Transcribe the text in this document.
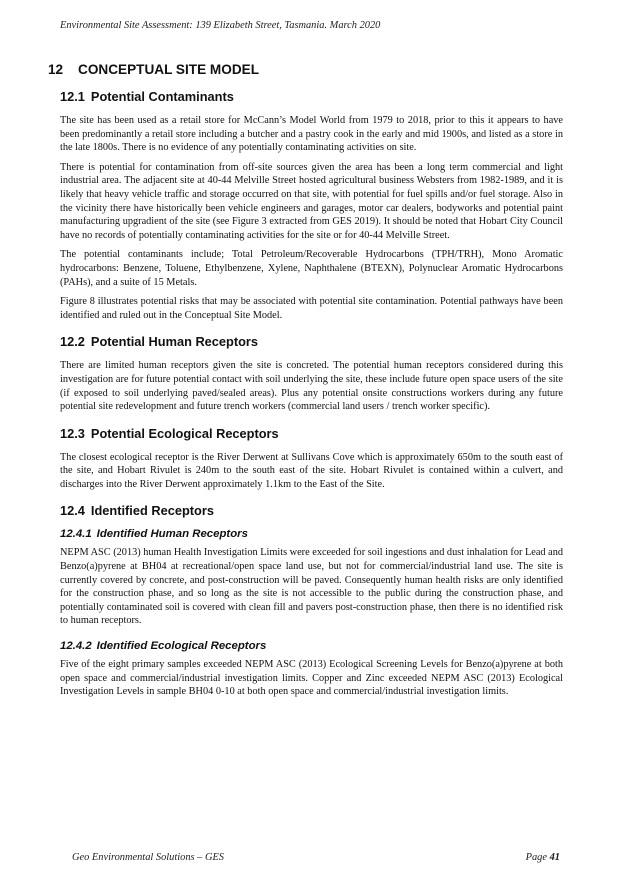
Environmental Site Assessment: 139 Elizabeth Street, Tasmania. March 2020
12 CONCEPTUAL SITE MODEL
12.1 Potential Contaminants

The site has been used as a retail store for McCann’s Model World from 1979 to 2018, prior to this it appears to have been predominantly a retail store including a butcher and a pastry cook in the early and mid 1900s, and listed as a store in the late 1800s. There is no evidence of any potentially contaminating activities on site.

There is potential for contamination from off-site sources given the area has been a long term commercial and light industrial area. The adjacent site at 40-44 Melville Street hosted agricultural business Websters from 1982-1989, and it is likely that heavy vehicle traffic and storage occurred on that site, with potential for fuel spills and/or fuel storage. Also in the vicinity there have historically been vehicle engineers and garages, motor car dealers, bodyworks and potential paint manufacturing upgradient of the site (see Figure 3 extracted from GES 2019). It should be noted that Hobart City Council have no records of potentially contaminating activities for the site or for 40-44 Melville Street.

The potential contaminants include; Total Petroleum/Recoverable Hydrocarbons (TPH/TRH), Mono Aromatic hydrocarbons: Benzene, Toluene, Ethylbenzene, Xylene, Naphthalene (BTEXN), Polynuclear Aromatic Hydrocarbons (PAHs), and a suite of 15 Metals.

Figure 8 illustrates potential risks that may be associated with potential site contamination. Potential pathways have been identified and ruled out in the Conceptual Site Model.

12.2 Potential Human Receptors

There are limited human receptors given the site is concreted. The potential human receptors considered during this investigation are for future potential contact with soil underlying the site, these include future open space users of the site (if exposed to soil underlying paved/sealed areas). Plus any potential onsite constructions workers during any future potential site redevelopment and future trench workers (commercial land users / trench worker specific).

12.3 Potential Ecological Receptors

The closest ecological receptor is the River Derwent at Sullivans Cove which is approximately 650m to the south east of the site, and Hobart Rivulet is 240m to the south east of the site. Hobart Rivulet is contained within a culvert, and discharges into the River Derwent approximately 1.1km to the East of the Site.

12.4 Identified Receptors
12.4.1 Identified Human Receptors

NEPM ASC (2013) human Health Investigation Limits were exceeded for soil ingestions and dust inhalation for Lead and Benzo(a)pyrene at BH04 at recreational/open space land use, but not for commercial/industrial land use. The site is currently covered by concrete, and post-construction will be paved. Consequently human health risks are only identified for the construction phase, and so long as the site is not accessible to the public during the construction phase, and potentially contaminated soil is covered with clean fill and pavers post-construction phase, then there is no identified risk to human receptors.

12.4.2 Identified Ecological Receptors

Five of the eight primary samples exceeded NEPM ASC (2013) Ecological Screening Levels for Benzo(a)pyrene at both open space and commercial/industrial investigation limits. Copper and Zinc exceeded NEPM ASC (2013) Ecological Investigation Levels in sample BH04 0-10 at both open space and commercial/industrial investigation limits.

Geo Environmental Solutions – GES	Page 41
